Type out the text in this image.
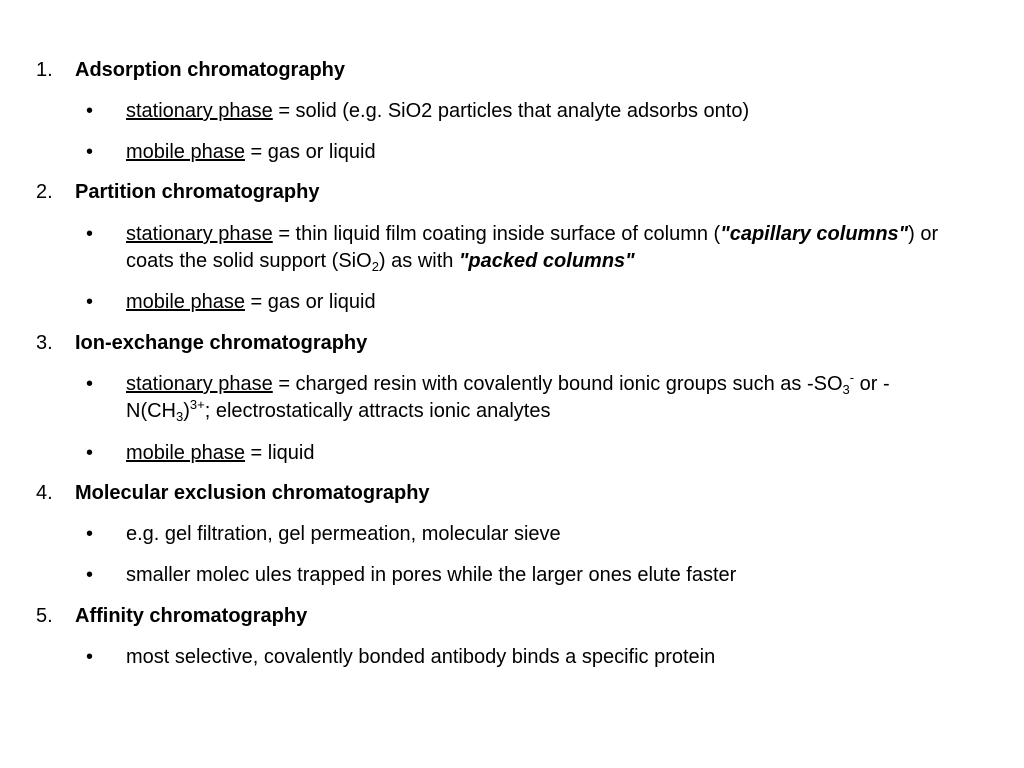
1.	Adsorption chromatography
• stationary phase = solid (e.g. SiO2 particles that analyte adsorbs onto)
• mobile phase = gas or liquid
2.	Partition chromatography
• stationary phase = thin liquid film coating inside surface of column ("capillary columns") or coats the solid support (SiO$_2$) as with "packed columns"
• mobile phase = gas or liquid
3.	Ion-exchange chromatography
• stationary phase = charged resin with covalently bound ionic groups such as $-SO_3^-$ or $-N(CH_3)^{3+}$; electrostatically attracts ionic analytes
• mobile phase = liquid
4.	Molecular exclusion chromatography
• e.g. gel filtration, gel permeation, molecular sieve
• smaller molec ules trapped in pores while the larger ones elute faster
5.	Affinity chromatography
• most selective, covalently bonded antibody binds a specific protein
